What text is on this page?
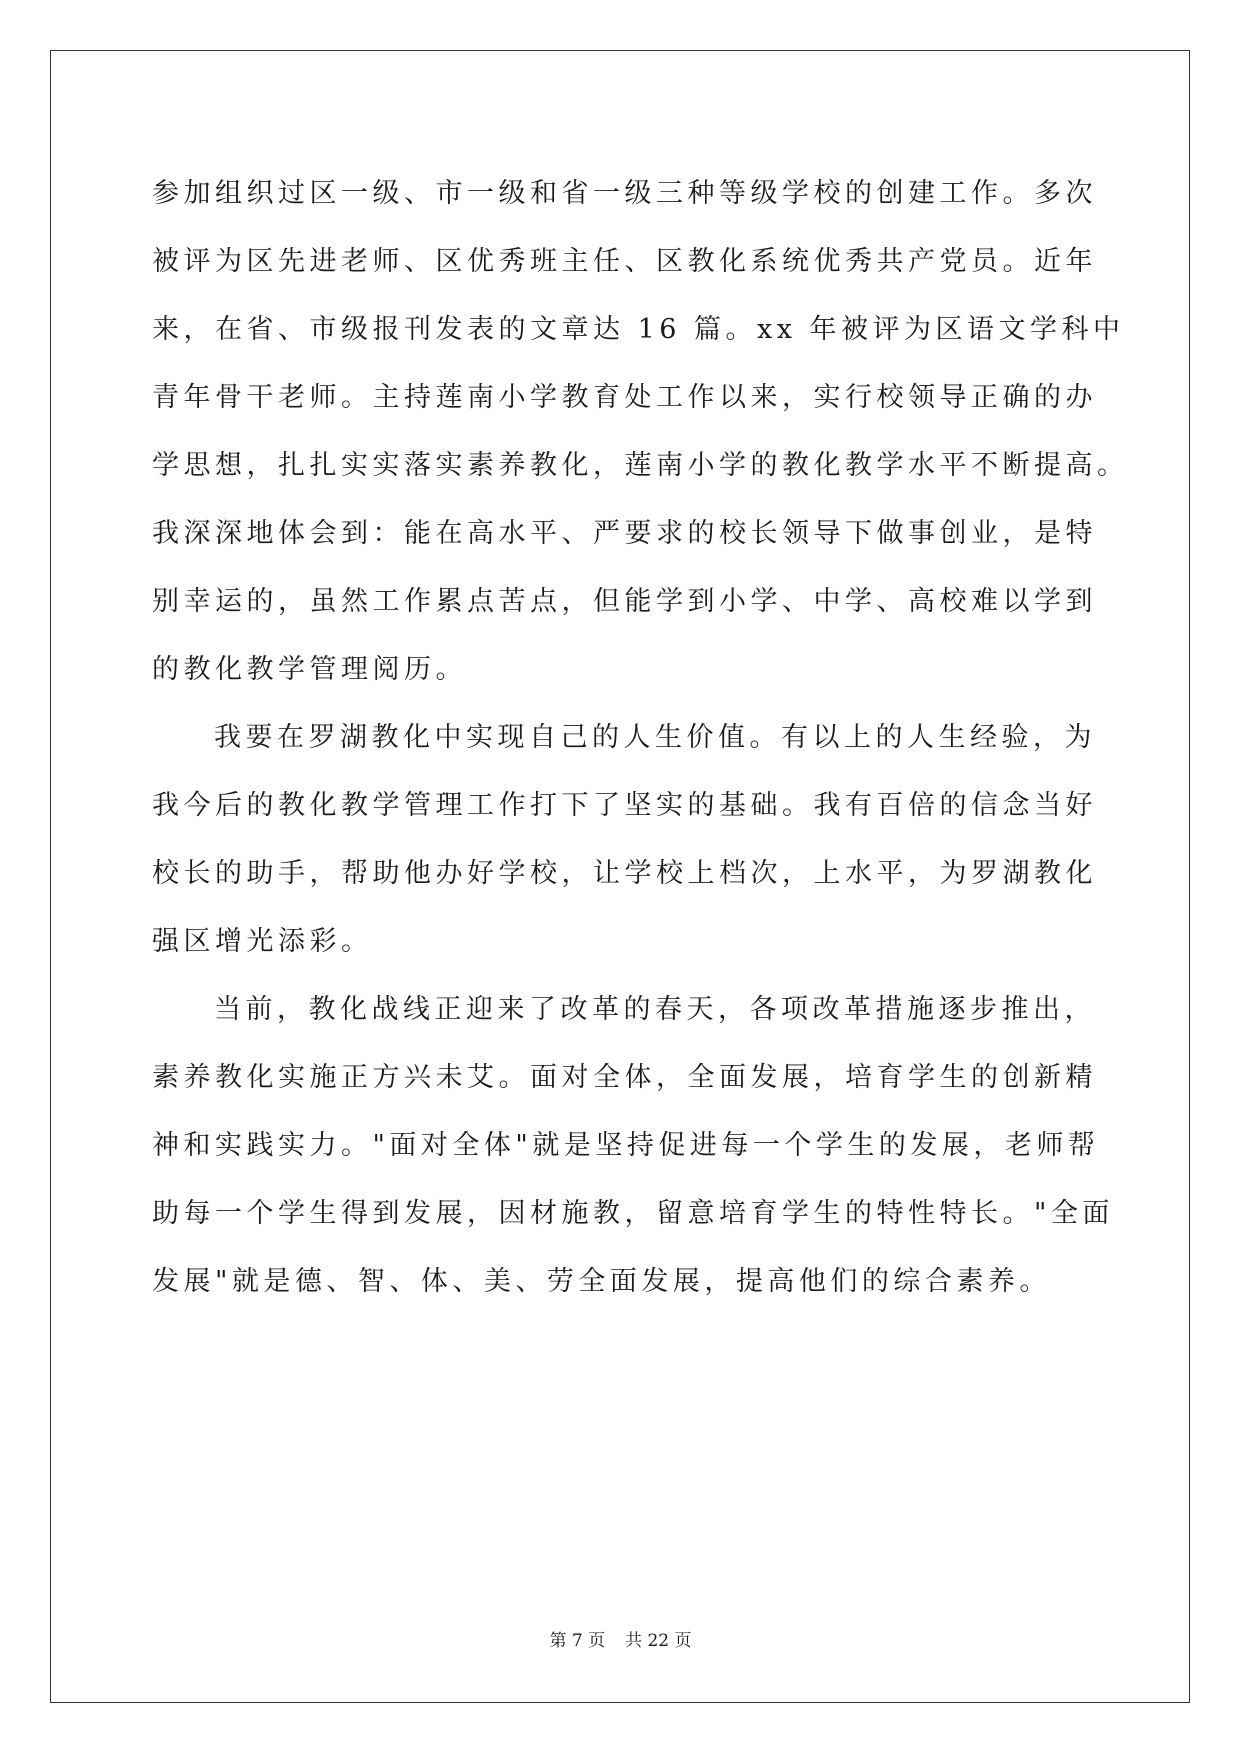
参加组织过区一级、市一级和省一级三种等级学校的创建工作。多次
被评为区先进老师、区优秀班主任、区教化系统优秀共产党员。近年
来，在省、市级报刊发表的文章达 16 篇。xx 年被评为区语文学科中
青年骨干老师。主持莲南小学教育处工作以来，实行校领导正确的办
学思想，扎扎实实落实素养教化，莲南小学的教化教学水平不断提高。
我深深地体会到：能在高水平、严要求的校长领导下做事创业，是特
别幸运的，虽然工作累点苦点，但能学到小学、中学、高校难以学到
的教化教学管理阅历。
我要在罗湖教化中实现自己的人生价值。有以上的人生经验，为
我今后的教化教学管理工作打下了坚实的基础。我有百倍的信念当好
校长的助手，帮助他办好学校，让学校上档次，上水平，为罗湖教化
强区增光添彩。
当前，教化战线正迎来了改革的春天，各项改革措施逐步推出，
素养教化实施正方兴未艾。面对全体，全面发展，培育学生的创新精
神和实践实力。"面对全体"就是坚持促进每一个学生的发展，老师帮
助每一个学生得到发展，因材施教，留意培育学生的特性特长。"全面
发展"就是德、智、体、美、劳全面发展，提高他们的综合素养。
第 7 页 共 22 页
